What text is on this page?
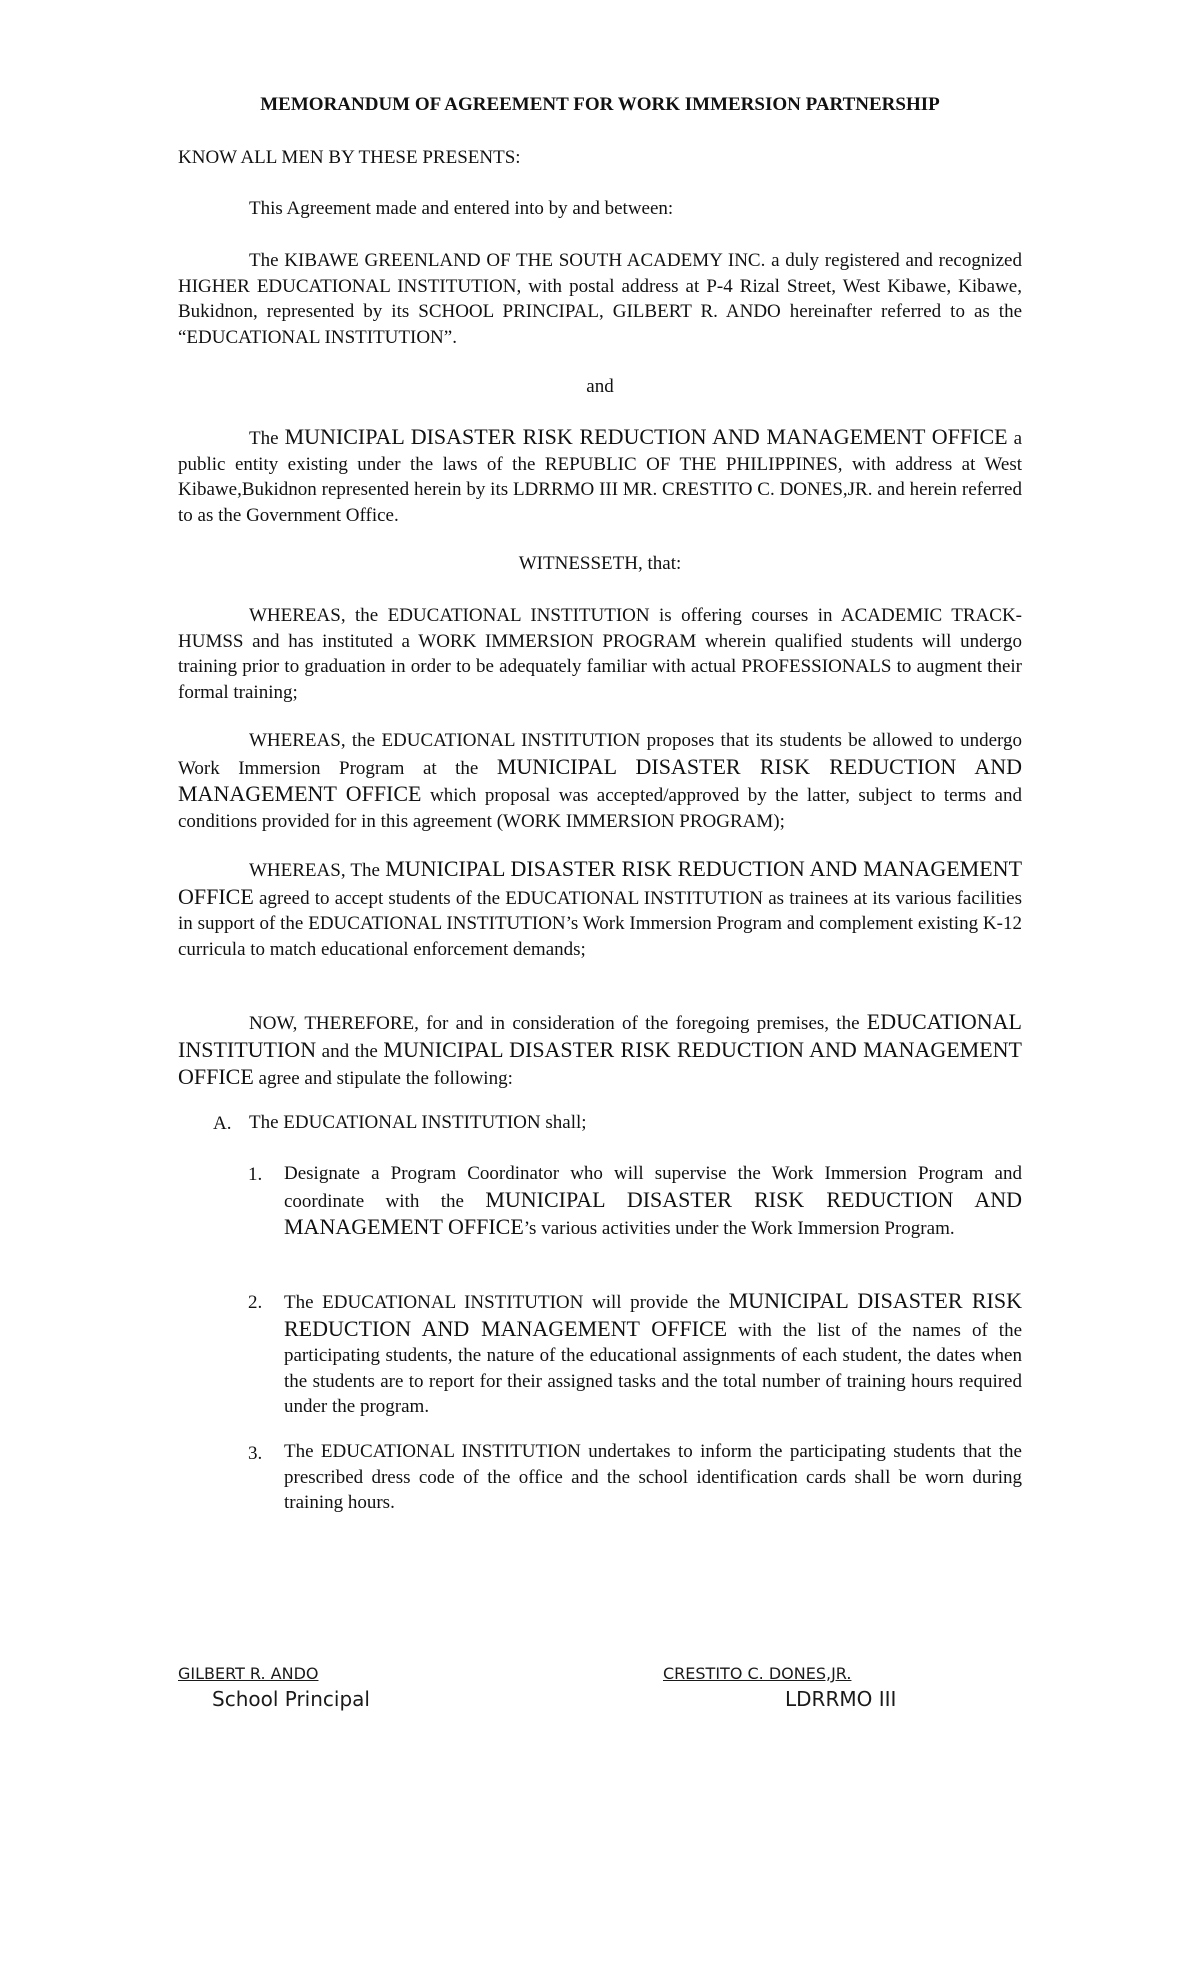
MEMORANDUM OF AGREEMENT FOR WORK IMMERSION PARTNERSHIP
KNOW ALL MEN BY THESE PRESENTS:
This Agreement made and entered into by and between:
The KIBAWE GREENLAND OF THE SOUTH ACADEMY INC. a duly registered and recognized HIGHER EDUCATIONAL INSTITUTION, with postal address at P-4 Rizal Street, West Kibawe, Kibawe, Bukidnon, represented by its SCHOOL PRINCIPAL, GILBERT R. ANDO hereinafter referred to as the “EDUCATIONAL INSTITUTION”.
and
The MUNICIPAL DISASTER RISK REDUCTION AND MANAGEMENT OFFICE a public entity existing under the laws of the REPUBLIC OF THE PHILIPPINES, with address at West Kibawe,Bukidnon represented herein by its LDRRMO III MR. CRESTITO C. DONES,JR. and herein referred to as the Government Office.
WITNESSETH, that:
WHEREAS, the EDUCATIONAL INSTITUTION is offering courses in ACADEMIC TRACK-HUMSS and has instituted a WORK IMMERSION PROGRAM wherein qualified students will undergo training prior to graduation in order to be adequately familiar with actual PROFESSIONALS to augment their formal training;
WHEREAS, the EDUCATIONAL INSTITUTION proposes that its students be allowed to undergo Work Immersion Program at the MUNICIPAL DISASTER RISK REDUCTION AND MANAGEMENT OFFICE which proposal was accepted/approved by the latter, subject to terms and conditions provided for in this agreement (WORK IMMERSION PROGRAM);
WHEREAS, The MUNICIPAL DISASTER RISK REDUCTION AND MANAGEMENT OFFICE agreed to accept students of the EDUCATIONAL INSTITUTION as trainees at its various facilities in support of the EDUCATIONAL INSTITUTION’s Work Immersion Program and complement existing K-12 curricula to match educational enforcement demands;
NOW, THEREFORE, for and in consideration of the foregoing premises, the EDUCATIONAL INSTITUTION and the MUNICIPAL DISASTER RISK REDUCTION AND MANAGEMENT OFFICE agree and stipulate the following:
A. The EDUCATIONAL INSTITUTION shall;
1. Designate a Program Coordinator who will supervise the Work Immersion Program and coordinate with the MUNICIPAL DISASTER RISK REDUCTION AND MANAGEMENT OFFICE’s various activities under the Work Immersion Program.
2. The EDUCATIONAL INSTITUTION will provide the MUNICIPAL DISASTER RISK REDUCTION AND MANAGEMENT OFFICE with the list of the names of the participating students, the nature of the educational assignments of each student, the dates when the students are to report for their assigned tasks and the total number of training hours required under the program.
3. The EDUCATIONAL INSTITUTION undertakes to inform the participating students that the prescribed dress code of the office and the school identification cards shall be worn during training hours.
GILBERT R. ANDO
School Principal
CRESTITO C. DONES,JR.
LDRRMO III
